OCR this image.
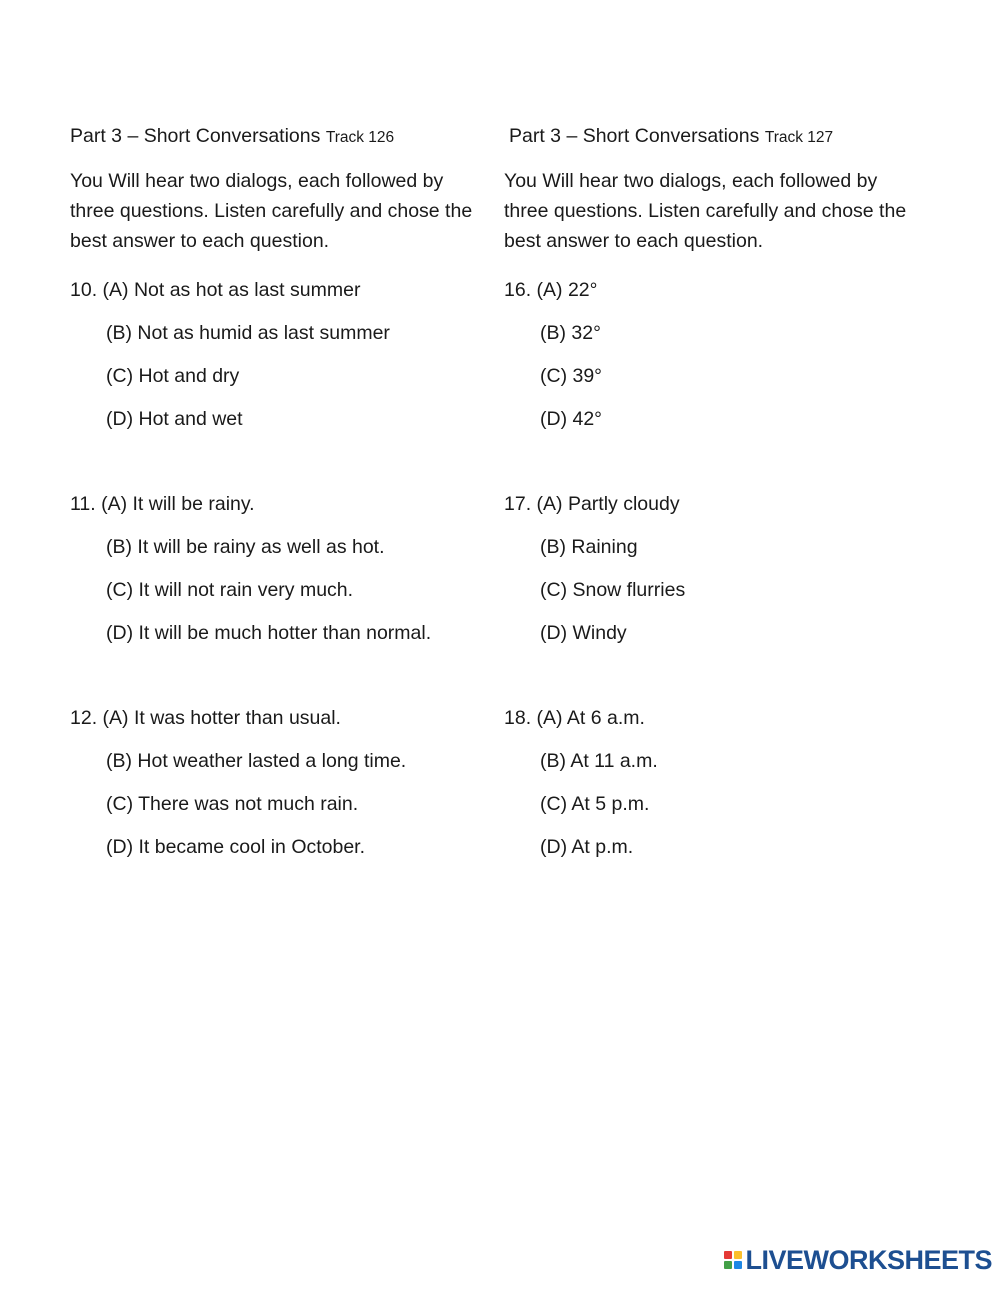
Part 3 – Short Conversations Track 126

You Will hear two dialogs, each followed by three questions. Listen carefully and chose the best answer to each question.

10. (A) Not as hot as last summer
(B) Not as humid as last summer
(C) Hot and dry
(D) Hot and wet
11. (A) It will be rainy.
(B) It will be rainy as well as hot.
(C) It will not rain very much.
(D) It will be much hotter than normal.
12. (A) It was hotter than usual.
(B) Hot weather lasted a long time.
(C) There was not much rain.
(D) It became cool in October.
Part 3 – Short Conversations Track 127

You Will hear two dialogs, each followed by three questions. Listen carefully and chose the best answer to each question.

16. (A) 22°
(B) 32°
(C) 39°
(D) 42°
17. (A) Partly cloudy
(B) Raining
(C) Snow flurries
(D) Windy
18. (A) At 6 a.m.
(B) At 11 a.m.
(C) At 5 p.m.
(D) At p.m.
LIVEWORKSHEETS
